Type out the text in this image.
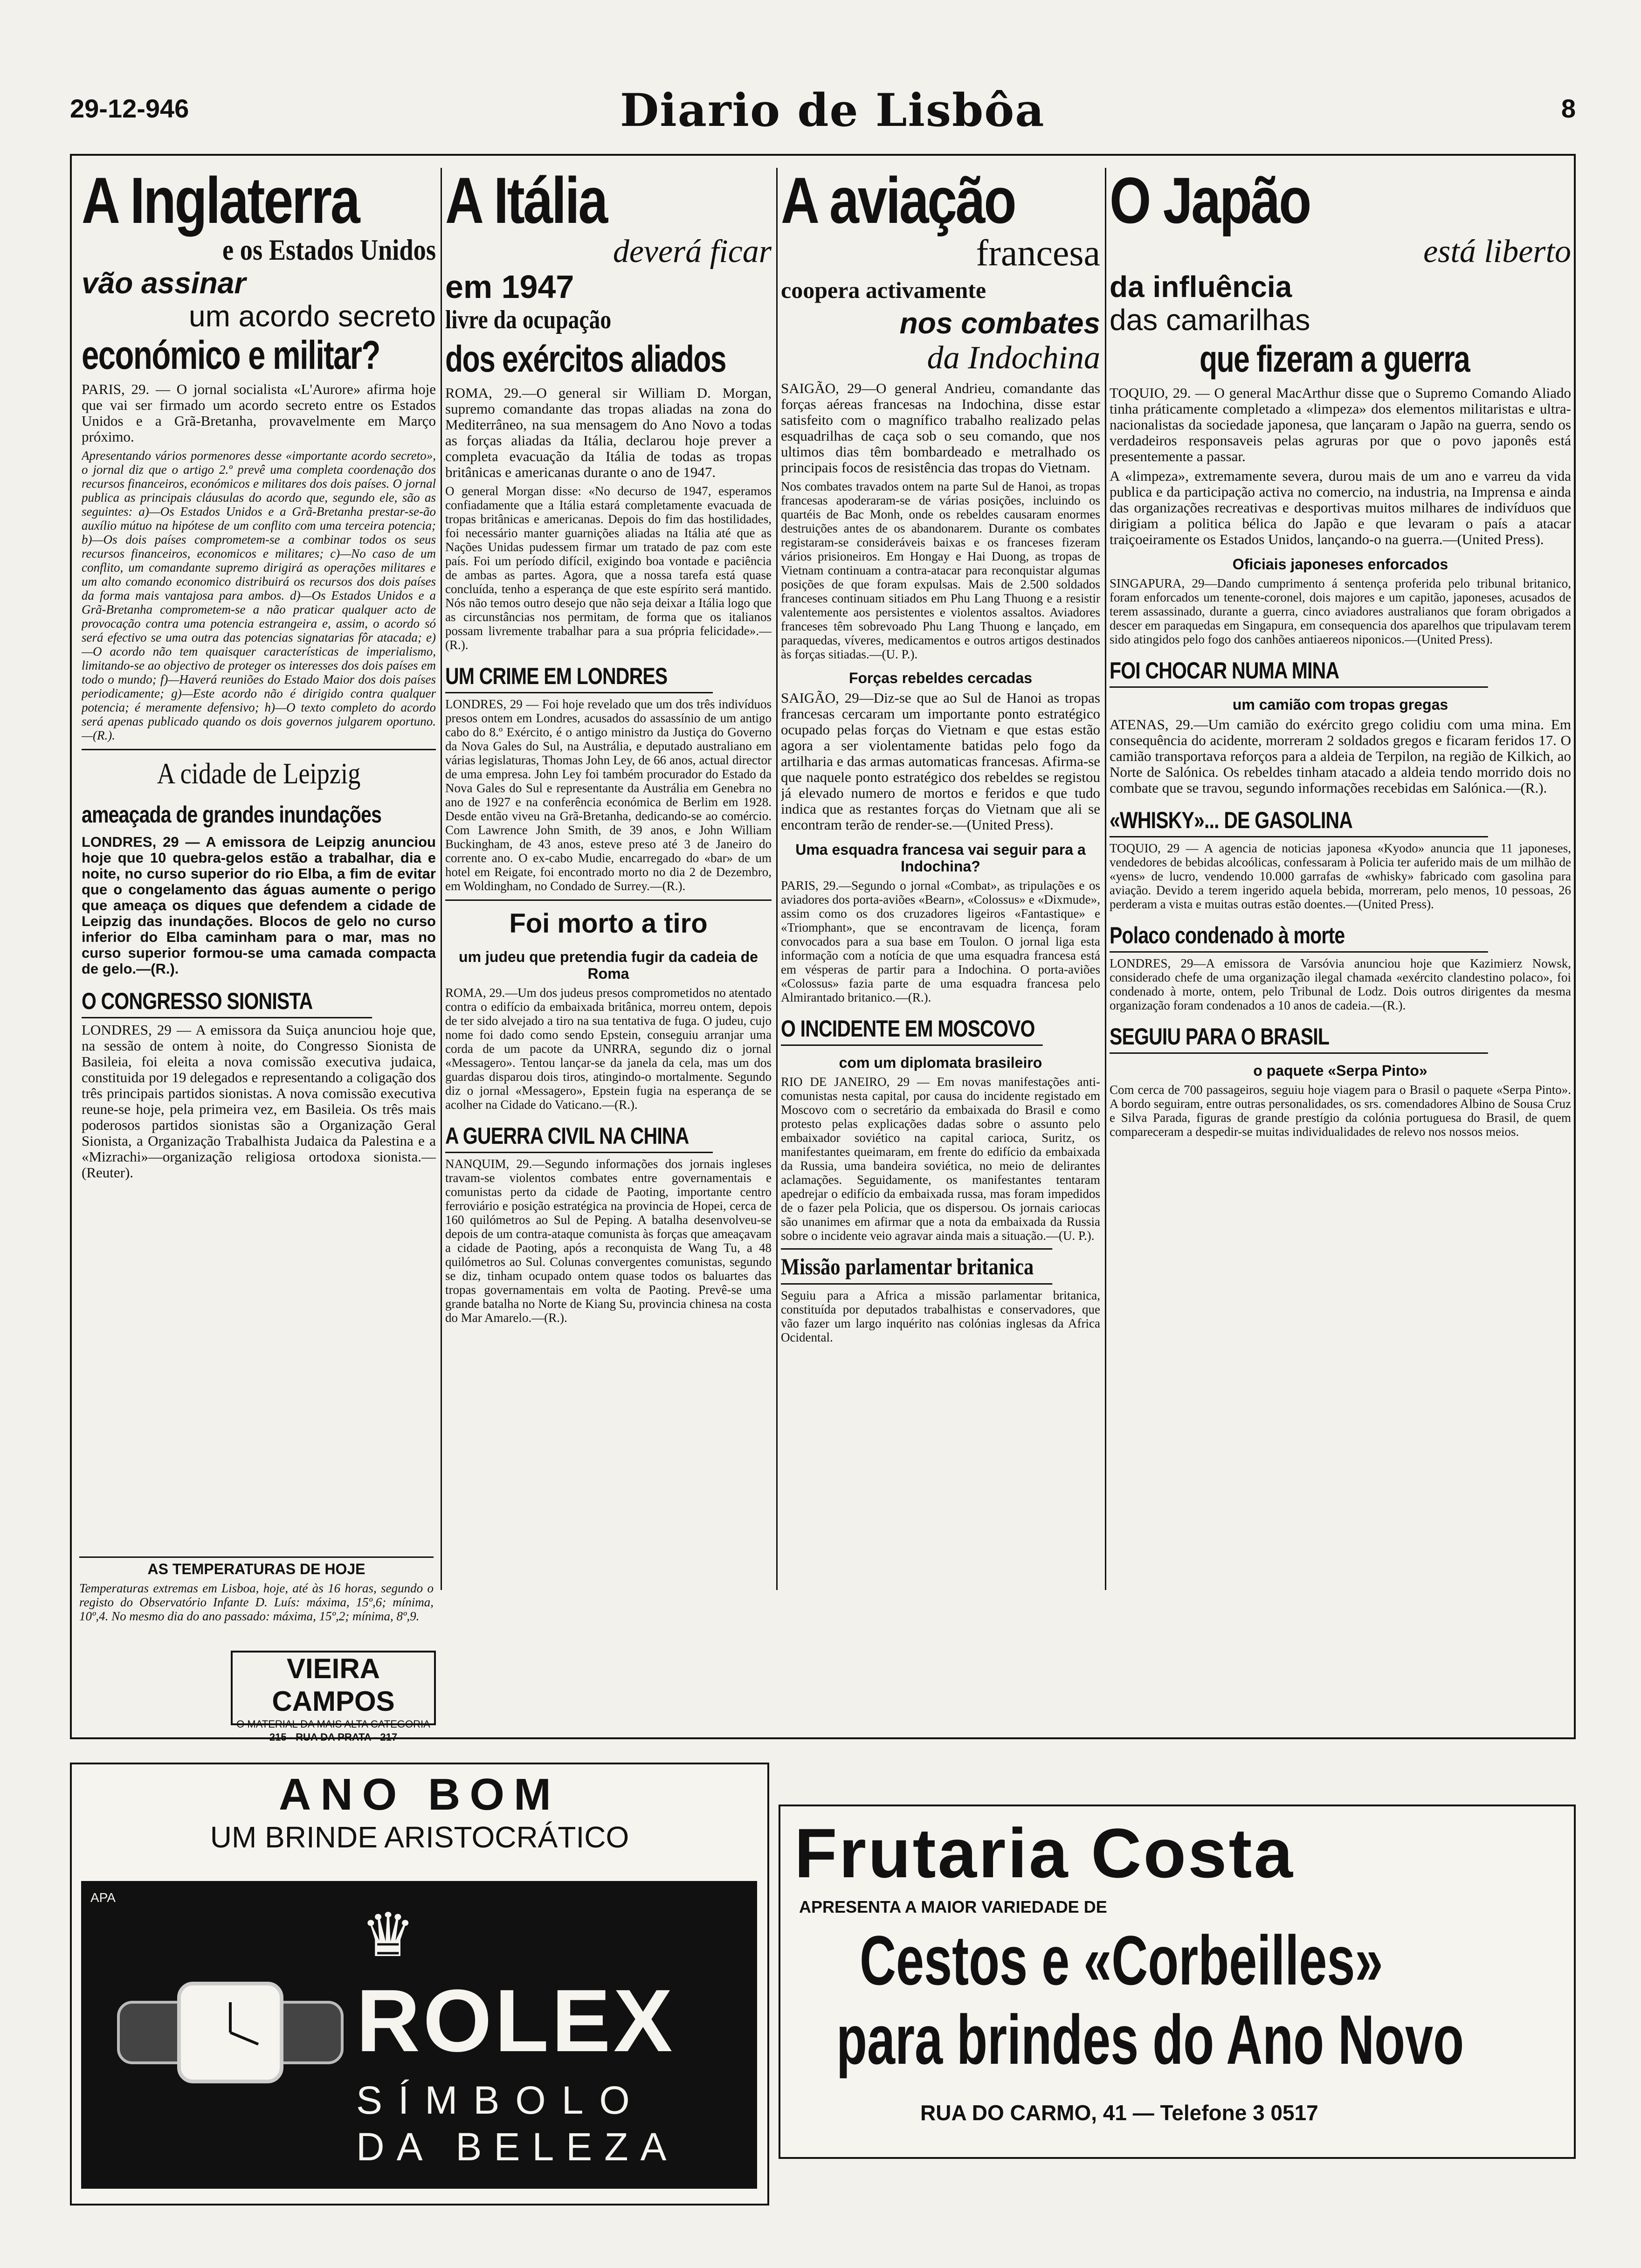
29-12-946	Diario de Lisbôa	8
A Inglaterra
e os Estados Unidos
vão assinar
um acordo secreto
económico e militar?

PARIS, 29. — O jornal socialista «L'Aurore» afirma hoje que vai ser firmado um acordo secreto entre os Estados Unidos e a Grã-Bretanha, provavelmente em Março próximo.

Apresentando vários pormenores desse «importante acordo secreto», o jornal diz que o artigo 2.º prevê uma completa coordenação dos recursos financeiros, económicos e militares dos dois países. O jornal publica as principais cláusulas do acordo que, segundo ele, são as seguintes: a)—Os Estados Unidos e a Grã-Bretanha prestar-se-ão auxílio mútuo na hipótese de um conflito com uma terceira potencia; b)—Os dois países comprometem-se a combinar todos os seus recursos financeiros, economicos e militares; c)—No caso de um conflito, um comandante supremo dirigirá as operações militares e um alto comando economico distribuirá os recursos dos dois países da forma mais vantajosa para ambos. d)—Os Estados Unidos e a Grã-Bretanha comprometem-se a não praticar qualquer acto de provocação contra uma potencia estrangeira e, assim, o acordo só será efectivo se uma outra das potencias signatarias fôr atacada; e)—O acordo não tem quaisquer características de imperialismo, limitando-se ao objectivo de proteger os interesses dos dois países em todo o mundo; f)—Haverá reuniões do Estado Maior dos dois países periodicamente; g)—Este acordo não é dirigido contra qualquer potencia; é meramente defensivo; h)—O texto completo do acordo será apenas publicado quando os dois governos julgarem oportuno.—(R.).

A cidade de Leipzig
ameaçada de grandes inundações

LONDRES, 29 — A emissora de Leipzig anunciou hoje que 10 quebra-gelos estão a trabalhar, dia e noite, no curso superior do rio Elba, a fim de evitar que o congelamento das águas aumente o perigo que ameaça os diques que defendem a cidade de Leipzig das inundações. Blocos de gelo no curso inferior do Elba caminham para o mar, mas no curso superior formou-se uma camada compacta de gelo.—(R.).

O CONGRESSO SIONISTA

LONDRES, 29 — A emissora da Suiça anunciou hoje que, na sessão de ontem à noite, do Congresso Sionista de Basileia, foi eleita a nova comissão executiva judaica, constituida por 19 delegados e representando a coligação dos três principais partidos sionistas. A nova comissão executiva reune-se hoje, pela primeira vez, em Basileia. Os três mais poderosos partidos sionistas são a Organização Geral Sionista, a Organização Trabalhista Judaica da Palestina e a «Mizrachi»—organização religiosa ortodoxa sionista.—(Reuter).

AS TEMPERATURAS DE HOJE

Temperaturas extremas em Lisboa, hoje, até às 16 horas, segundo o registo do Observatório Infante D. Luís: máxima, 15º,6; mínima, 10º,4. No mesmo dia do ano passado: máxima, 15º,2; mínima, 8º,9.

VIEIRA CAMPOS
O MATERIAL DA MAIS ALTA CATEGORIA
215 - RUA DA PRATA - 217
A Itália
deverá ficar
em 1947
livre da ocupação
dos exércitos aliados

ROMA, 29.—O general sir William D. Morgan, supremo comandante das tropas aliadas na zona do Mediterrâneo, na sua mensagem do Ano Novo a todas as forças aliadas da Itália, declarou hoje prever a completa evacuação da Itália de todas as tropas britânicas e americanas durante o ano de 1947.

O general Morgan disse: «No decurso de 1947, esperamos confiadamente que a Itália estará completamente evacuada de tropas britânicas e americanas. Depois do fim das hostilidades, foi necessário manter guarnições aliadas na Itália até que as Nações Unidas pudessem firmar um tratado de paz com este país. Foi um período difícil, exigindo boa vontade e paciência de ambas as partes. Agora, que a nossa tarefa está quase concluída, tenho a esperança de que este espírito será mantido. Nós não temos outro desejo que não seja deixar a Itália logo que as circunstâncias nos permitam, de forma que os italianos possam livremente trabalhar para a sua própria felicidade».—(R.).

UM CRIME EM LONDRES

LONDRES, 29 — Foi hoje revelado que um dos três indivíduos presos ontem em Londres, acusados do assassínio de um antigo cabo do 8.º Exército, é o antigo ministro da Justiça do Governo da Nova Gales do Sul, na Austrália, e deputado australiano em várias legislaturas, Thomas John Ley, de 66 anos, actual director de uma empresa. John Ley foi também procurador do Estado da Nova Gales do Sul e representante da Austrália em Genebra no ano de 1927 e na conferência económica de Berlim em 1928. Desde então viveu na Grã-Bretanha, dedicando-se ao comércio. Com Lawrence John Smith, de 39 anos, e John William Buckingham, de 43 anos, esteve preso até 3 de Janeiro do corrente ano. O ex-cabo Mudie, encarregado do «bar» de um hotel em Reigate, foi encontrado morto no dia 2 de Dezembro, em Woldingham, no Condado de Surrey.—(R.).

Foi morto a tiro
um judeu que pretendia fugir da cadeia de Roma

ROMA, 29.—Um dos judeus presos comprometidos no atentado contra o edifício da embaixada britânica, morreu ontem, depois de ter sido alvejado a tiro na sua tentativa de fuga. O judeu, cujo nome foi dado como sendo Epstein, conseguiu arranjar uma corda de um pacote da UNRRA, segundo diz o jornal «Messagero». Tentou lançar-se da janela da cela, mas um dos guardas disparou dois tiros, atingindo-o mortalmente. Segundo diz o jornal «Messagero», Epstein fugia na esperança de se acolher na Cidade do Vaticano.—(R.).

A GUERRA CIVIL NA CHINA

NANQUIM, 29.—Segundo informações dos jornais ingleses travam-se violentos combates entre governamentais e comunistas perto da cidade de Paoting, importante centro ferroviário e posição estratégica na provincia de Hopei, cerca de 160 quilómetros ao Sul de Peping. A batalha desenvolveu-se depois de um contra-ataque comunista às forças que ameaçavam a cidade de Paoting, após a reconquista de Wang Tu, a 48 quilómetros ao Sul. Colunas convergentes comunistas, segundo se diz, tinham ocupado ontem quase todos os baluartes das tropas governamentais em volta de Paoting. Prevê-se uma grande batalha no Norte de Kiang Su, provincia chinesa na costa do Mar Amarelo.—(R.).

A aviação
francesa
coopera activamente
nos combates
da Indochina

SAIGÃO, 29—O general Andrieu, comandante das forças aéreas francesas na Indochina, disse estar satisfeito com o magnífico trabalho realizado pelas esquadrilhas de caça sob o seu comando, que nos ultimos dias têm bombardeado e metralhado os principais focos de resistência das tropas do Vietnam.

Nos combates travados ontem na parte Sul de Hanoi, as tropas francesas apoderaram-se de várias posições, incluindo os quartéis de Bac Monh, onde os rebeldes causaram enormes destruições antes de os abandonarem. Durante os combates registaram-se consideráveis baixas e os franceses fizeram vários prisioneiros. Em Hongay e Hai Duong, as tropas de Vietnam continuam a contra-atacar para reconquistar algumas posições de que foram expulsas. Mais de 2.500 soldados franceses continuam sitiados em Phu Lang Thuong e a resistir valentemente aos persistentes e violentos assaltos. Aviadores franceses têm sobrevoado Phu Lang Thuong e lançado, em paraquedas, víveres, medicamentos e outros artigos destinados às forças sitiadas.—(U. P.).

Forças rebeldes cercadas

SAIGÃO, 29—Diz-se que ao Sul de Hanoi as tropas francesas cercaram um importante ponto estratégico ocupado pelas forças do Vietnam e que estas estão agora a ser violentamente batidas pelo fogo da artilharia e das armas automaticas francesas. Afirma-se que naquele ponto estratégico dos rebeldes se registou já elevado numero de mortos e feridos e que tudo indica que as restantes forças do Vietnam que ali se encontram terão de render-se.—(United Press).

Uma esquadra francesa vai seguir para a Indochina?

PARIS, 29.—Segundo o jornal «Combat», as tripulações e os aviadores dos porta-aviões «Bearn», «Colossus» e «Dixmude», assim como os dos cruzadores ligeiros «Fantastique» e «Triomphant», que se encontravam de licença, foram convocados para a sua base em Toulon. O jornal liga esta informação com a notícia de que uma esquadra francesa está em vésperas de partir para a Indochina. O porta-aviões «Colossus» fazia parte de uma esquadra francesa pelo Almirantado britanico.—(R.).

O INCIDENTE EM MOSCOVO
com um diplomata brasileiro

RIO DE JANEIRO, 29 — Em novas manifestações anti-comunistas nesta capital, por causa do incidente registado em Moscovo com o secretário da embaixada do Brasil e como protesto pelas explicações dadas sobre o assunto pelo embaixador soviético na capital carioca, Suritz, os manifestantes queimaram, em frente do edifício da embaixada da Russia, uma bandeira soviética, no meio de delirantes aclamações. Seguidamente, os manifestantes tentaram apedrejar o edifício da embaixada russa, mas foram impedidos de o fazer pela Policia, que os dispersou. Os jornais cariocas são unanimes em afirmar que a nota da embaixada da Russia sobre o incidente veio agravar ainda mais a situação.—(U. P.).

Missão parlamentar britanica

Seguiu para a Africa a missão parlamentar britanica, constituída por deputados trabalhistas e conservadores, que vão fazer um largo inquérito nas colónias inglesas da Africa Ocidental.

O Japão
está liberto
da influência
das camarilhas
que fizeram a guerra

TOQUIO, 29. — O general MacArthur disse que o Supremo Comando Aliado tinha práticamente completado a «limpeza» dos elementos militaristas e ultra-nacionalistas da sociedade japonesa, que lançaram o Japão na guerra, sendo os verdadeiros responsaveis pelas agruras por que o povo japonês está presentemente a passar.

A «limpeza», extremamente severa, durou mais de um ano e varreu da vida publica e da participação activa no comercio, na industria, na Imprensa e ainda das organizações recreativas e desportivas muitos milhares de indivíduos que dirigiam a politica bélica do Japão e que levaram o país a atacar traiçoeiramente os Estados Unidos, lançando-o na guerra.—(United Press).

Oficiais japoneses enforcados

SINGAPURA, 29—Dando cumprimento á sentença proferida pelo tribunal britanico, foram enforcados um tenente-coronel, dois majores e um capitão, japoneses, acusados de terem assassinado, durante a guerra, cinco aviadores australianos que foram obrigados a descer em paraquedas em Singapura, em consequencia dos aparelhos que tripulavam terem sido atingidos pelo fogo dos canhões antiaereos niponicos.—(United Press).

FOI CHOCAR NUMA MINA
um camião com tropas gregas

ATENAS, 29.—Um camião do exército grego colidiu com uma mina. Em consequência do acidente, morreram 2 soldados gregos e ficaram feridos 17. O camião transportava reforços para a aldeia de Terpilon, na região de Kilkich, ao Norte de Salónica. Os rebeldes tinham atacado a aldeia tendo morrido dois no combate que se travou, segundo informações recebidas em Salónica.—(R.).

«WHISKY»... DE GASOLINA

TOQUIO, 29 — A agencia de noticias japonesa «Kyodo» anuncia que 11 japoneses, vendedores de bebidas alcoólicas, confessaram à Policia ter auferido mais de um milhão de «yens» de lucro, vendendo 10.000 garrafas de «whisky» fabricado com gasolina para aviação. Devido a terem ingerido aquela bebida, morreram, pelo menos, 10 pessoas, 26 perderam a vista e muitas outras estão doentes.—(United Press).

Polaco condenado à morte

LONDRES, 29—A emissora de Varsóvia anunciou hoje que Kazimierz Nowsk, considerado chefe de uma organização ilegal chamada «exército clandestino polaco», foi condenado à morte, ontem, pelo Tribunal de Lodz. Dois outros dirigentes da mesma organização foram condenados a 10 anos de cadeia.—(R.).

SEGUIU PARA O BRASIL
o paquete «Serpa Pinto»

Com cerca de 700 passageiros, seguiu hoje viagem para o Brasil o paquete «Serpa Pinto». A bordo seguiram, entre outras personalidades, os srs. comendadores Albino de Sousa Cruz e Silva Parada, figuras de grande prestígio da colónia portuguesa do Brasil, de quem compareceram a despedir-se muitas individualidades de relevo nos nossos meios.

ANO BOM
UM BRINDE ARISTOCRÁTICO
APA
♛
ROLEX
SÍMBOLO
DA BELEZA
Frutaria Costa
APRESENTA A MAIOR VARIEDADE DE
Cestos e «Corbeilles»
para brindes do Ano Novo
RUA DO CARMO, 41 — Telefone 3 0517
